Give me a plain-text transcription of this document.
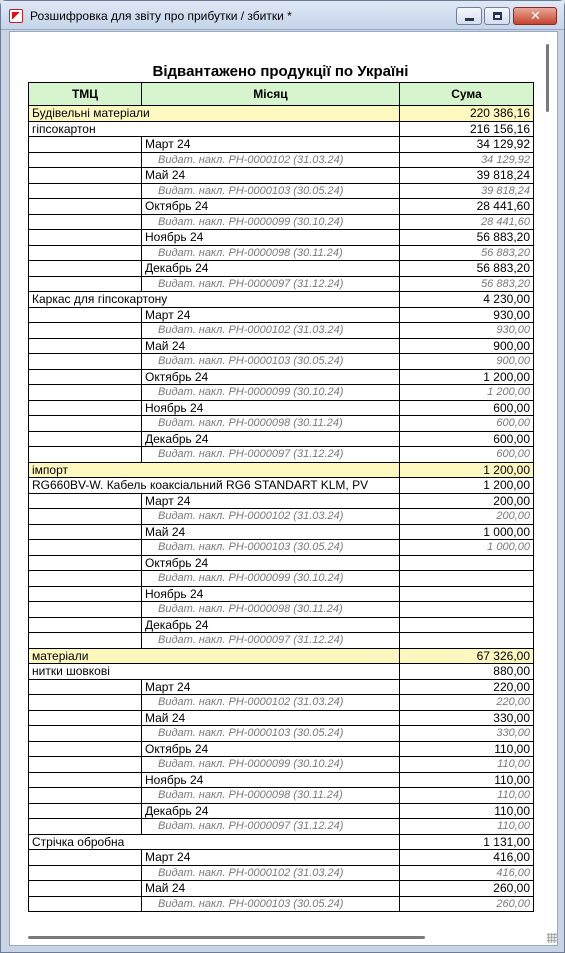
Розшифровка для звіту про прибутки / збитки *	✕
Відвантажено продукції по Україні
ТМЦ	Місяц	Сума
Будівельні матеріали		220 386,16
гіпсокартон		216 156,16
	Март 24	34 129,92
	Видат. накл. РН-0000102 (31.03.24)	34 129,92
	Май 24	39 818,24
	Видат. накл. РН-0000103 (30.05.24)	39 818,24
	Октябрь 24	28 441,60
	Видат. накл. РН-0000099 (30.10.24)	28 441,60
	Ноябрь 24	56 883,20
	Видат. накл. РН-0000098 (30.11.24)	56 883,20
	Декабрь 24	56 883,20
	Видат. накл. РН-0000097 (31.12.24)	56 883,20
Каркас для гіпсокартону		4 230,00
	Март 24	930,00
	Видат. накл. РН-0000102 (31.03.24)	930,00
	Май 24	900,00
	Видат. накл. РН-0000103 (30.05.24)	900,00
	Октябрь 24	1 200,00
	Видат. накл. РН-0000099 (30.10.24)	1 200,00
	Ноябрь 24	600,00
	Видат. накл. РН-0000098 (30.11.24)	600,00
	Декабрь 24	600,00
	Видат. накл. РН-0000097 (31.12.24)	600,00
імпорт		1 200,00
RG660BV-W. Кабель коаксіальний RG6 STANDART KLM, PV		1 200,00
	Март 24	200,00
	Видат. накл. РН-0000102 (31.03.24)	200,00
	Май 24	1 000,00
	Видат. накл. РН-0000103 (30.05.24)	1 000,00
	Октябрь 24	
	Видат. накл. РН-0000099 (30.10.24)	
	Ноябрь 24	
	Видат. накл. РН-0000098 (30.11.24)	
	Декабрь 24	
	Видат. накл. РН-0000097 (31.12.24)	
матеріали		67 326,00
нитки шовкові		880,00
	Март 24	220,00
	Видат. накл. РН-0000102 (31.03.24)	220,00
	Май 24	330,00
	Видат. накл. РН-0000103 (30.05.24)	330,00
	Октябрь 24	110,00
	Видат. накл. РН-0000099 (30.10.24)	110,00
	Ноябрь 24	110,00
	Видат. накл. РН-0000098 (30.11.24)	110,00
	Декабрь 24	110,00
	Видат. накл. РН-0000097 (31.12.24)	110,00
Стрічка обробна		1 131,00
	Март 24	416,00
	Видат. накл. РН-0000102 (31.03.24)	416,00
	Май 24	260,00
	Видат. накл. РН-0000103 (30.05.24)	260,00
